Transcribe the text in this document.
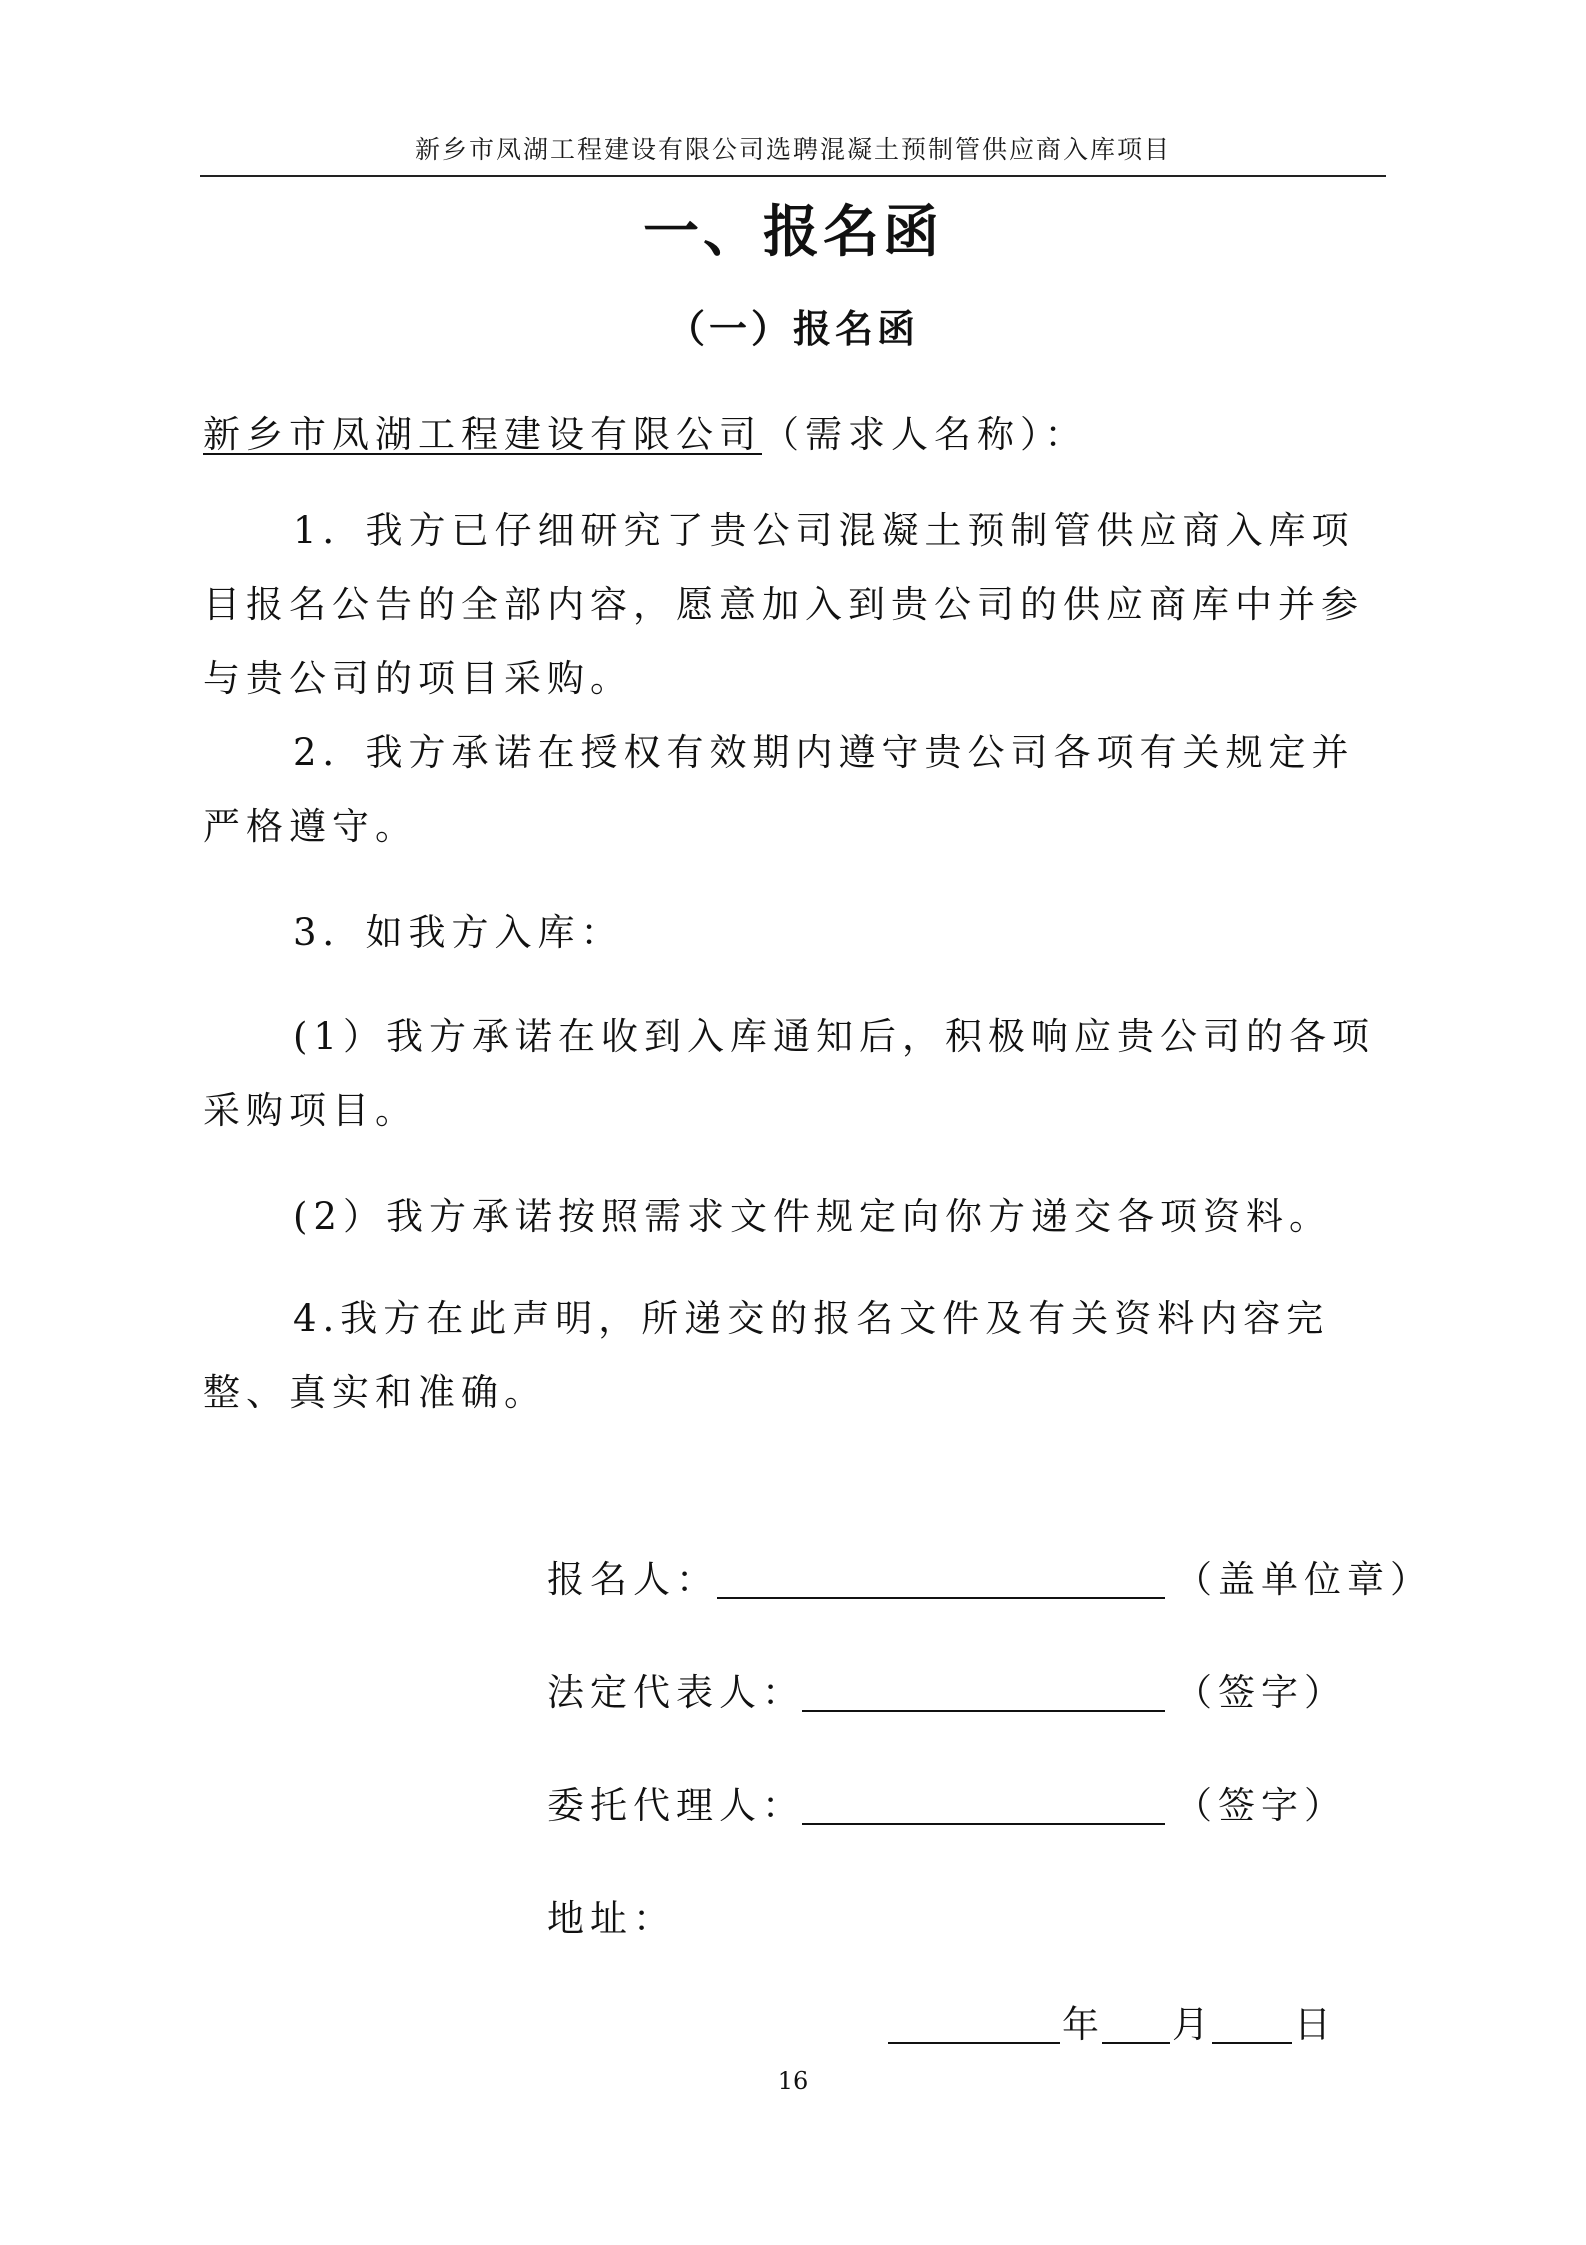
新乡市凤湖工程建设有限公司选聘混凝土预制管供应商入库项目
一、报名函
（一）报名函
新乡市凤湖工程建设有限公司（需求人名称）：
1．我方已仔细研究了贵公司混凝土预制管供应商入库项目报名公告的全部内容，愿意加入到贵公司的供应商库中并参与贵公司的项目采购。
2．我方承诺在授权有效期内遵守贵公司各项有关规定并严格遵守。
3．如我方入库：
(1）我方承诺在收到入库通知后，积极响应贵公司的各项采购项目。
(2）我方承诺按照需求文件规定向你方递交各项资料。
4.我方在此声明，所递交的报名文件及有关资料内容完整、真实和准确。
报名人：	（盖单位章）
法定代表人：	（签字）
委托代理人：	（签字）
地址：
年 月 日
16
